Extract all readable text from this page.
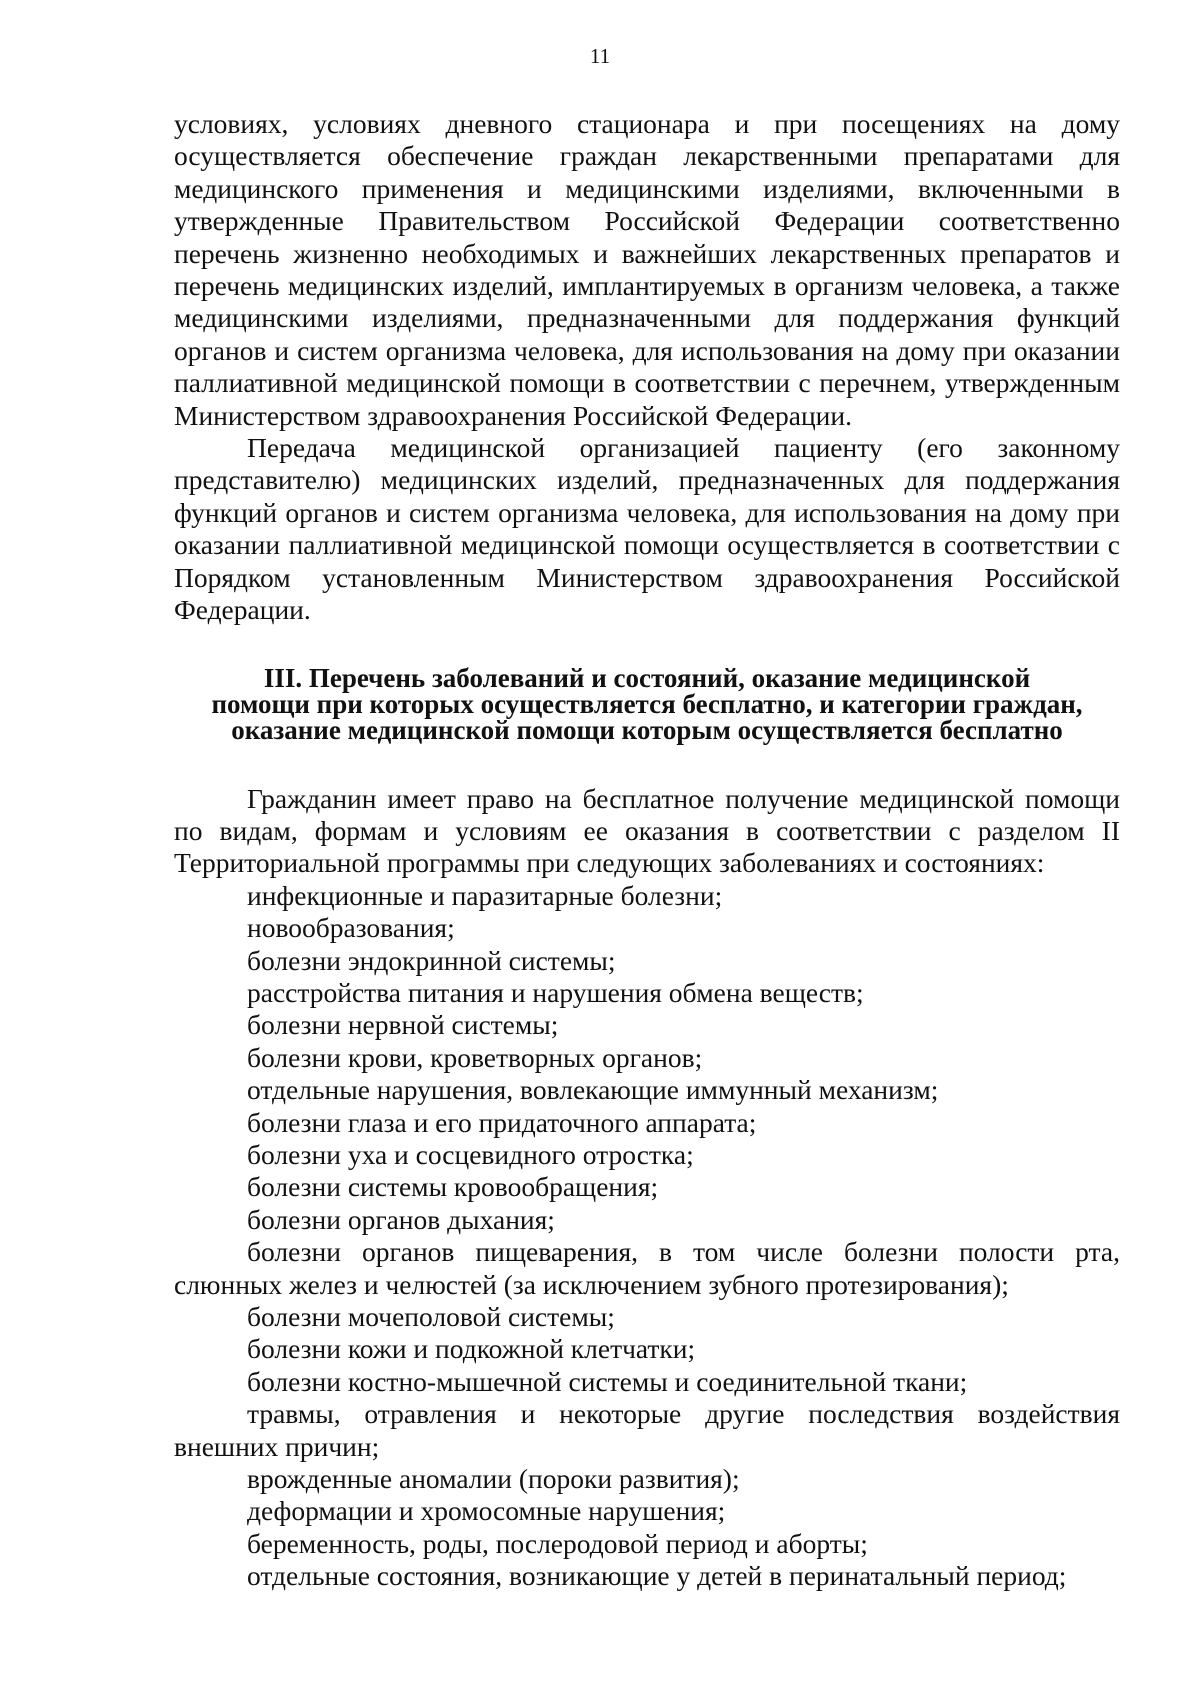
11

условиях, условиях дневного стационара и при посещениях на дому осуществляется обеспечение граждан лекарственными препаратами для медицинского применения и медицинскими изделиями, включенными в утвержденные Правительством Российской Федерации соответственно перечень жизненно необходимых и важнейших лекарственных препаратов и перечень медицинских изделий, имплантируемых в организм человека, а также медицинскими изделиями, предназначенными для поддержания функций органов и систем организма человека, для использования на дому при оказании паллиативной медицинской помощи в соответствии с перечнем, утвержденным Министерством здравоохранения Российской Федерации.

Передача медицинской организацией пациенту (его законному представителю) медицинских изделий, предназначенных для поддержания функций органов и систем организма человека, для использования на дому при оказании паллиативной медицинской помощи осуществляется в соответствии с Порядком установленным Министерством здравоохранения Российской Федерации.

III. Перечень заболеваний и состояний, оказание медицинской
помощи при которых осуществляется бесплатно, и категории граждан,
оказание медицинской помощи которым осуществляется бесплатно

Гражданин имеет право на бесплатное получение медицинской помощи по видам, формам и условиям ее оказания в соответствии с разделом II Территориальной программы при следующих заболеваниях и состояниях:

инфекционные и паразитарные болезни;

новообразования;

болезни эндокринной системы;

расстройства питания и нарушения обмена веществ;

болезни нервной системы;

болезни крови, кроветворных органов;

отдельные нарушения, вовлекающие иммунный механизм;

болезни глаза и его придаточного аппарата;

болезни уха и сосцевидного отростка;

болезни системы кровообращения;

болезни органов дыхания;

болезни органов пищеварения, в том числе болезни полости рта, слюнных желез и челюстей (за исключением зубного протезирования);

болезни мочеполовой системы;

болезни кожи и подкожной клетчатки;

болезни костно-мышечной системы и соединительной ткани;

травмы, отравления и некоторые другие последствия воздействия внешних причин;

врожденные аномалии (пороки развития);

деформации и хромосомные нарушения;

беременность, роды, послеродовой период и аборты;

отдельные состояния, возникающие у детей в перинатальный период;
